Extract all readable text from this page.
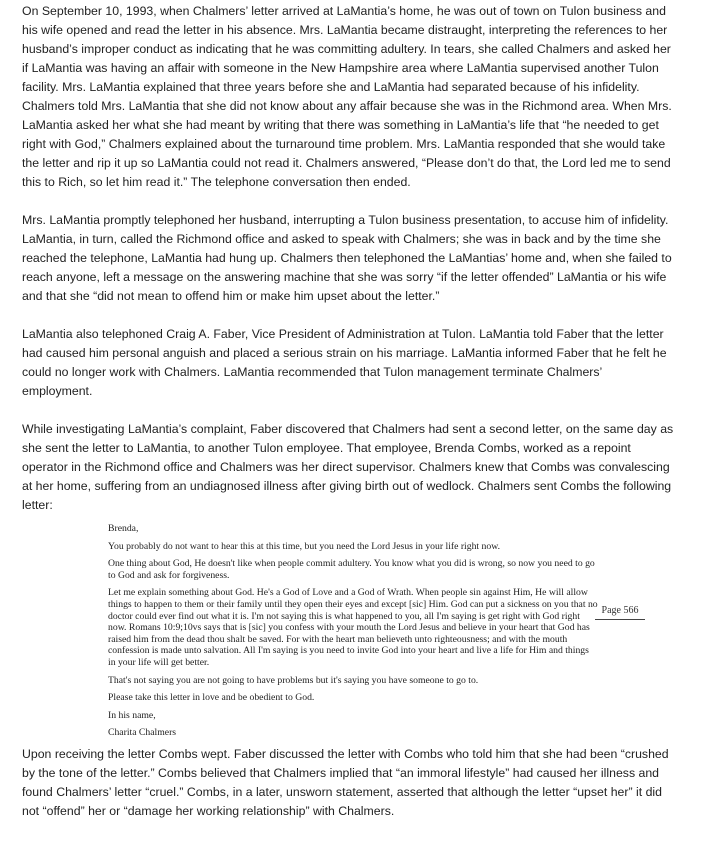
On September 10, 1993, when Chalmers’ letter arrived at LaMantia’s home, he was out of town on Tulon business and his wife opened and read the letter in his absence. Mrs. LaMantia became distraught, interpreting the references to her husband’s improper conduct as indicating that he was committing adultery. In tears, she called Chalmers and asked her if LaMantia was having an affair with someone in the New Hampshire area where LaMantia supervised another Tulon facility. Mrs. LaMantia explained that three years before she and LaMantia had separated because of his infidelity. Chalmers told Mrs. LaMantia that she did not know about any affair because she was in the Richmond area. When Mrs. LaMantia asked her what she had meant by writing that there was something in LaMantia’s life that “he needed to get right with God,” Chalmers explained about the turnaround time problem. Mrs. LaMantia responded that she would take the letter and rip it up so LaMantia could not read it. Chalmers answered, “Please don’t do that, the Lord led me to send this to Rich, so let him read it.” The telephone conversation then ended.

Mrs. LaMantia promptly telephoned her husband, interrupting a Tulon business presentation, to accuse him of infidelity. LaMantia, in turn, called the Richmond office and asked to speak with Chalmers; she was in back and by the time she reached the telephone, LaMantia had hung up. Chalmers then telephoned the LaMantias’ home and, when she failed to reach anyone, left a message on the answering machine that she was sorry “if the letter offended” LaMantia or his wife and that she “did not mean to offend him or make him upset about the letter.”

LaMantia also telephoned Craig A. Faber, Vice President of Administration at Tulon. LaMantia told Faber that the letter had caused him personal anguish and placed a serious strain on his marriage. LaMantia informed Faber that he felt he could no longer work with Chalmers. LaMantia recommended that Tulon management terminate Chalmers’ employment.

While investigating LaMantia’s complaint, Faber discovered that Chalmers had sent a second letter, on the same day as she sent the letter to LaMantia, to another Tulon employee. That employee, Brenda Combs, worked as a repoint operator in the Richmond office and Chalmers was her direct supervisor. Chalmers knew that Combs was convalescing at her home, suffering from an undiagnosed illness after giving birth out of wedlock. Chalmers sent Combs the following letter:

Brenda,

You probably do not want to hear this at this time, but you need the Lord Jesus in your life right now.

One thing about God, He doesn't like when people commit adultery. You know what you did is wrong, so now you need to go to God and ask for forgiveness.

Let me explain something about God. He's a God of Love and a God of Wrath. When people sin against Him, He will allow things to happen to them or their family until they open their eyes and except [sic] Him. God can put a sickness on you that no doctor could ever find out what it is. I'm not saying this is what happened to you, all I'm saying is get right with God right now. Romans 10:9;10vs says that is [sic] you confess with your mouth the Lord Jesus and believe in your heart that God has raised him from the dead thou shalt be saved. For with the heart man believeth unto righteousness; and with the mouth confession is made unto salvation. All I'm saying is you need to invite God into your heart and live a life for Him and things in your life will get better.

That's not saying you are not going to have problems but it's saying you have someone to go to.

Please take this letter in love and be obedient to God.

In his name,

Charita Chalmers

Upon receiving the letter Combs wept. Faber discussed the letter with Combs who told him that she had been “crushed by the tone of the letter.” Combs believed that Chalmers implied that “an immoral lifestyle” had caused her illness and found Chalmers’ letter “cruel.” Combs, in a later, unsworn statement, asserted that although the letter “upset her” it did not “offend” her or “damage her working relationship” with Chalmers.

Page 566
